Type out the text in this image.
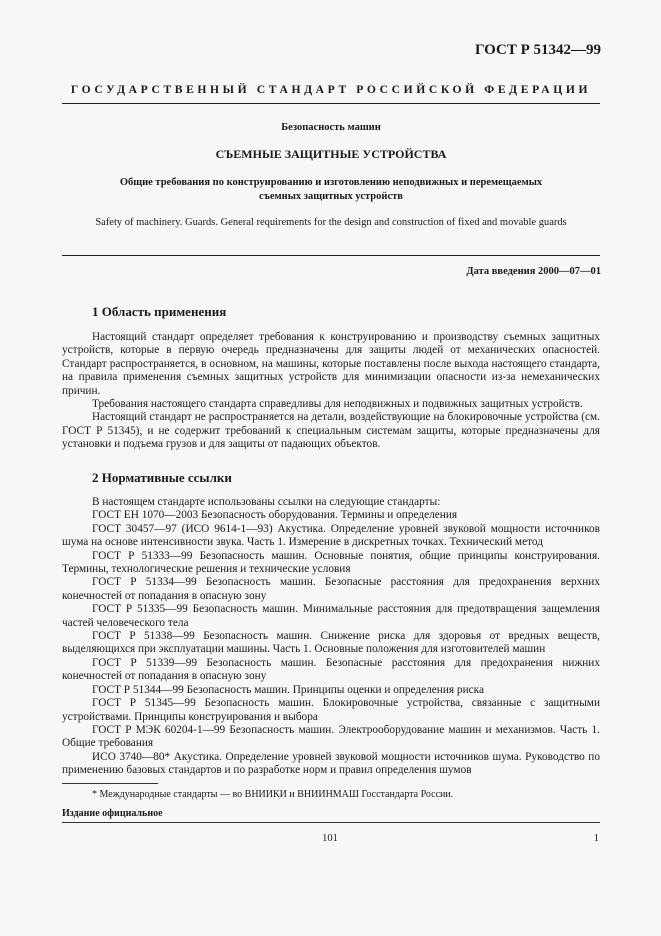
ГОСТ Р 51342—99
ГОСУДАРСТВЕННЫЙ СТАНДАРТ РОССИЙСКОЙ ФЕДЕРАЦИИ
Безопасность машин
СЪЕМНЫЕ ЗАЩИТНЫЕ УСТРОЙСТВА
Общие требования по конструированию и изготовлению неподвижных и перемещаемых съемных защитных устройств
Safety of machinery. Guards. General requirements for the design and construction of fixed and movable guards
Дата введения 2000—07—01
1 Область применения

Настоящий стандарт определяет требования к конструированию и производству съемных защитных устройств, которые в первую очередь предназначены для защиты людей от механических опасностей. Стандарт распространяется, в основном, на машины, которые поставлены после выхода настоящего стандарта, на правила применения съемных защитных устройств для минимизации опасности из-за немеханических причин.

Требования настоящего стандарта справедливы для неподвижных и подвижных защитных устройств.

Настоящий стандарт не распространяется на детали, воздействующие на блокировочные устройства (см. ГОСТ Р 51345), и не содержит требований к специальным системам защиты, которые предназначены для установки и подъема грузов и для защиты от падающих объектов.

2 Нормативные ссылки

В настоящем стандарте использованы ссылки на следующие стандарты:

ГОСТ ЕН 1070—2003 Безопасность оборудования. Термины и определения

ГОСТ 30457—97 (ИСО 9614-1—93) Акустика. Определение уровней звуковой мощности источников шума на основе интенсивности звука. Часть 1. Измерение в дискретных точках. Технический метод

ГОСТ Р 51333—99 Безопасность машин. Основные понятия, общие принципы конструирования. Термины, технологические решения и технические условия

ГОСТ Р 51334—99 Безопасность машин. Безопасные расстояния для предохранения верхних конечностей от попадания в опасную зону

ГОСТ Р 51335—99 Безопасность машин. Минимальные расстояния для предотвращения защемления частей человеческого тела

ГОСТ Р 51338—99 Безопасность машин. Снижение риска для здоровья от вредных веществ, выделяющихся при эксплуатации машины. Часть 1. Основные положения для изготовителей машин

ГОСТ Р 51339—99 Безопасность машин. Безопасные расстояния для предохранения нижних конечностей от попадания в опасную зону

ГОСТ Р 51344—99 Безопасность машин. Принципы оценки и определения риска

ГОСТ Р 51345—99 Безопасность машин. Блокировочные устройства, связанные с защитными устройствами. Принципы конструирования и выбора

ГОСТ Р МЭК 60204-1—99 Безопасность машин. Электрооборудование машин и механизмов. Часть 1. Общие требования

ИСО 3740—80* Акустика. Определение уровней звуковой мощности источников шума. Руководство по применению базовых стандартов и по разработке норм и правил определения шумов

* Международные стандарты — во ВНИИКИ и ВНИИНМАШ Госстандарта России.
Издание официальное
101	1
